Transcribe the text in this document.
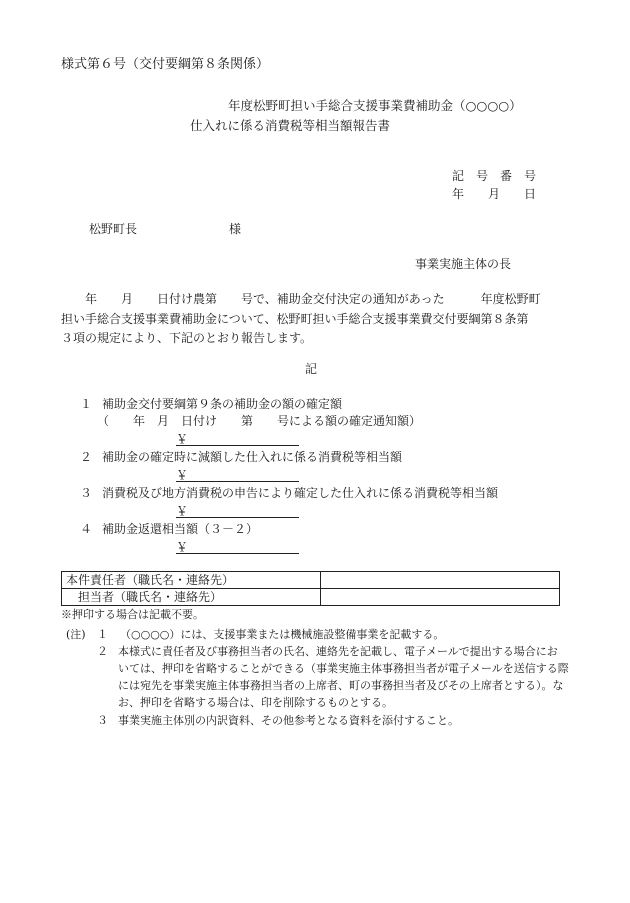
様式第６号（交付要綱第８条関係）
年度松野町担い手総合支援事業費補助金（○○○○）
仕入れに係る消費税等相当額報告書
記　号　番　号
年　　月　　日
松野町長	様
事業実施主体の長
　　年　　月　　日付け農第　　号で、補助金交付決定の通知があった　　　年度松野町
担い手総合支援事業費補助金について、松野町担い手総合支援事業費交付要綱第８条第
３項の規定により、下記のとおり報告します。
記
１ 補助金交付要綱第９条の補助金の額の確定額
（　　年　月　日付け　　第　　号による額の確定通知額）
￥
２ 補助金の確定時に減額した仕入れに係る消費税等相当額
￥
３ 消費税及び地方消費税の申告により確定した仕入れに係る消費税等相当額
￥
４ 補助金返還相当額（３－２）
￥
本件責任者（職氏名・連絡先）	
担当者（職氏名・連絡先）	
※押印する場合は記載不要。
(注) １ （○○○○）には、支援事業または機械施設整備事業を記載する。
２ 本様式に責任者及び事務担当者の氏名、連絡先を記載し、電子メールで提出する場合にお
いては、押印を省略することができる（事業実施主体事務担当者が電子メールを送信する際
には宛先を事業実施主体事務担当者の上席者、町の事務担当者及びその上席者とする）。な
お、押印を省略する場合は、印を削除するものとする。
３ 事業実施主体別の内訳資料、その他参考となる資料を添付すること。
